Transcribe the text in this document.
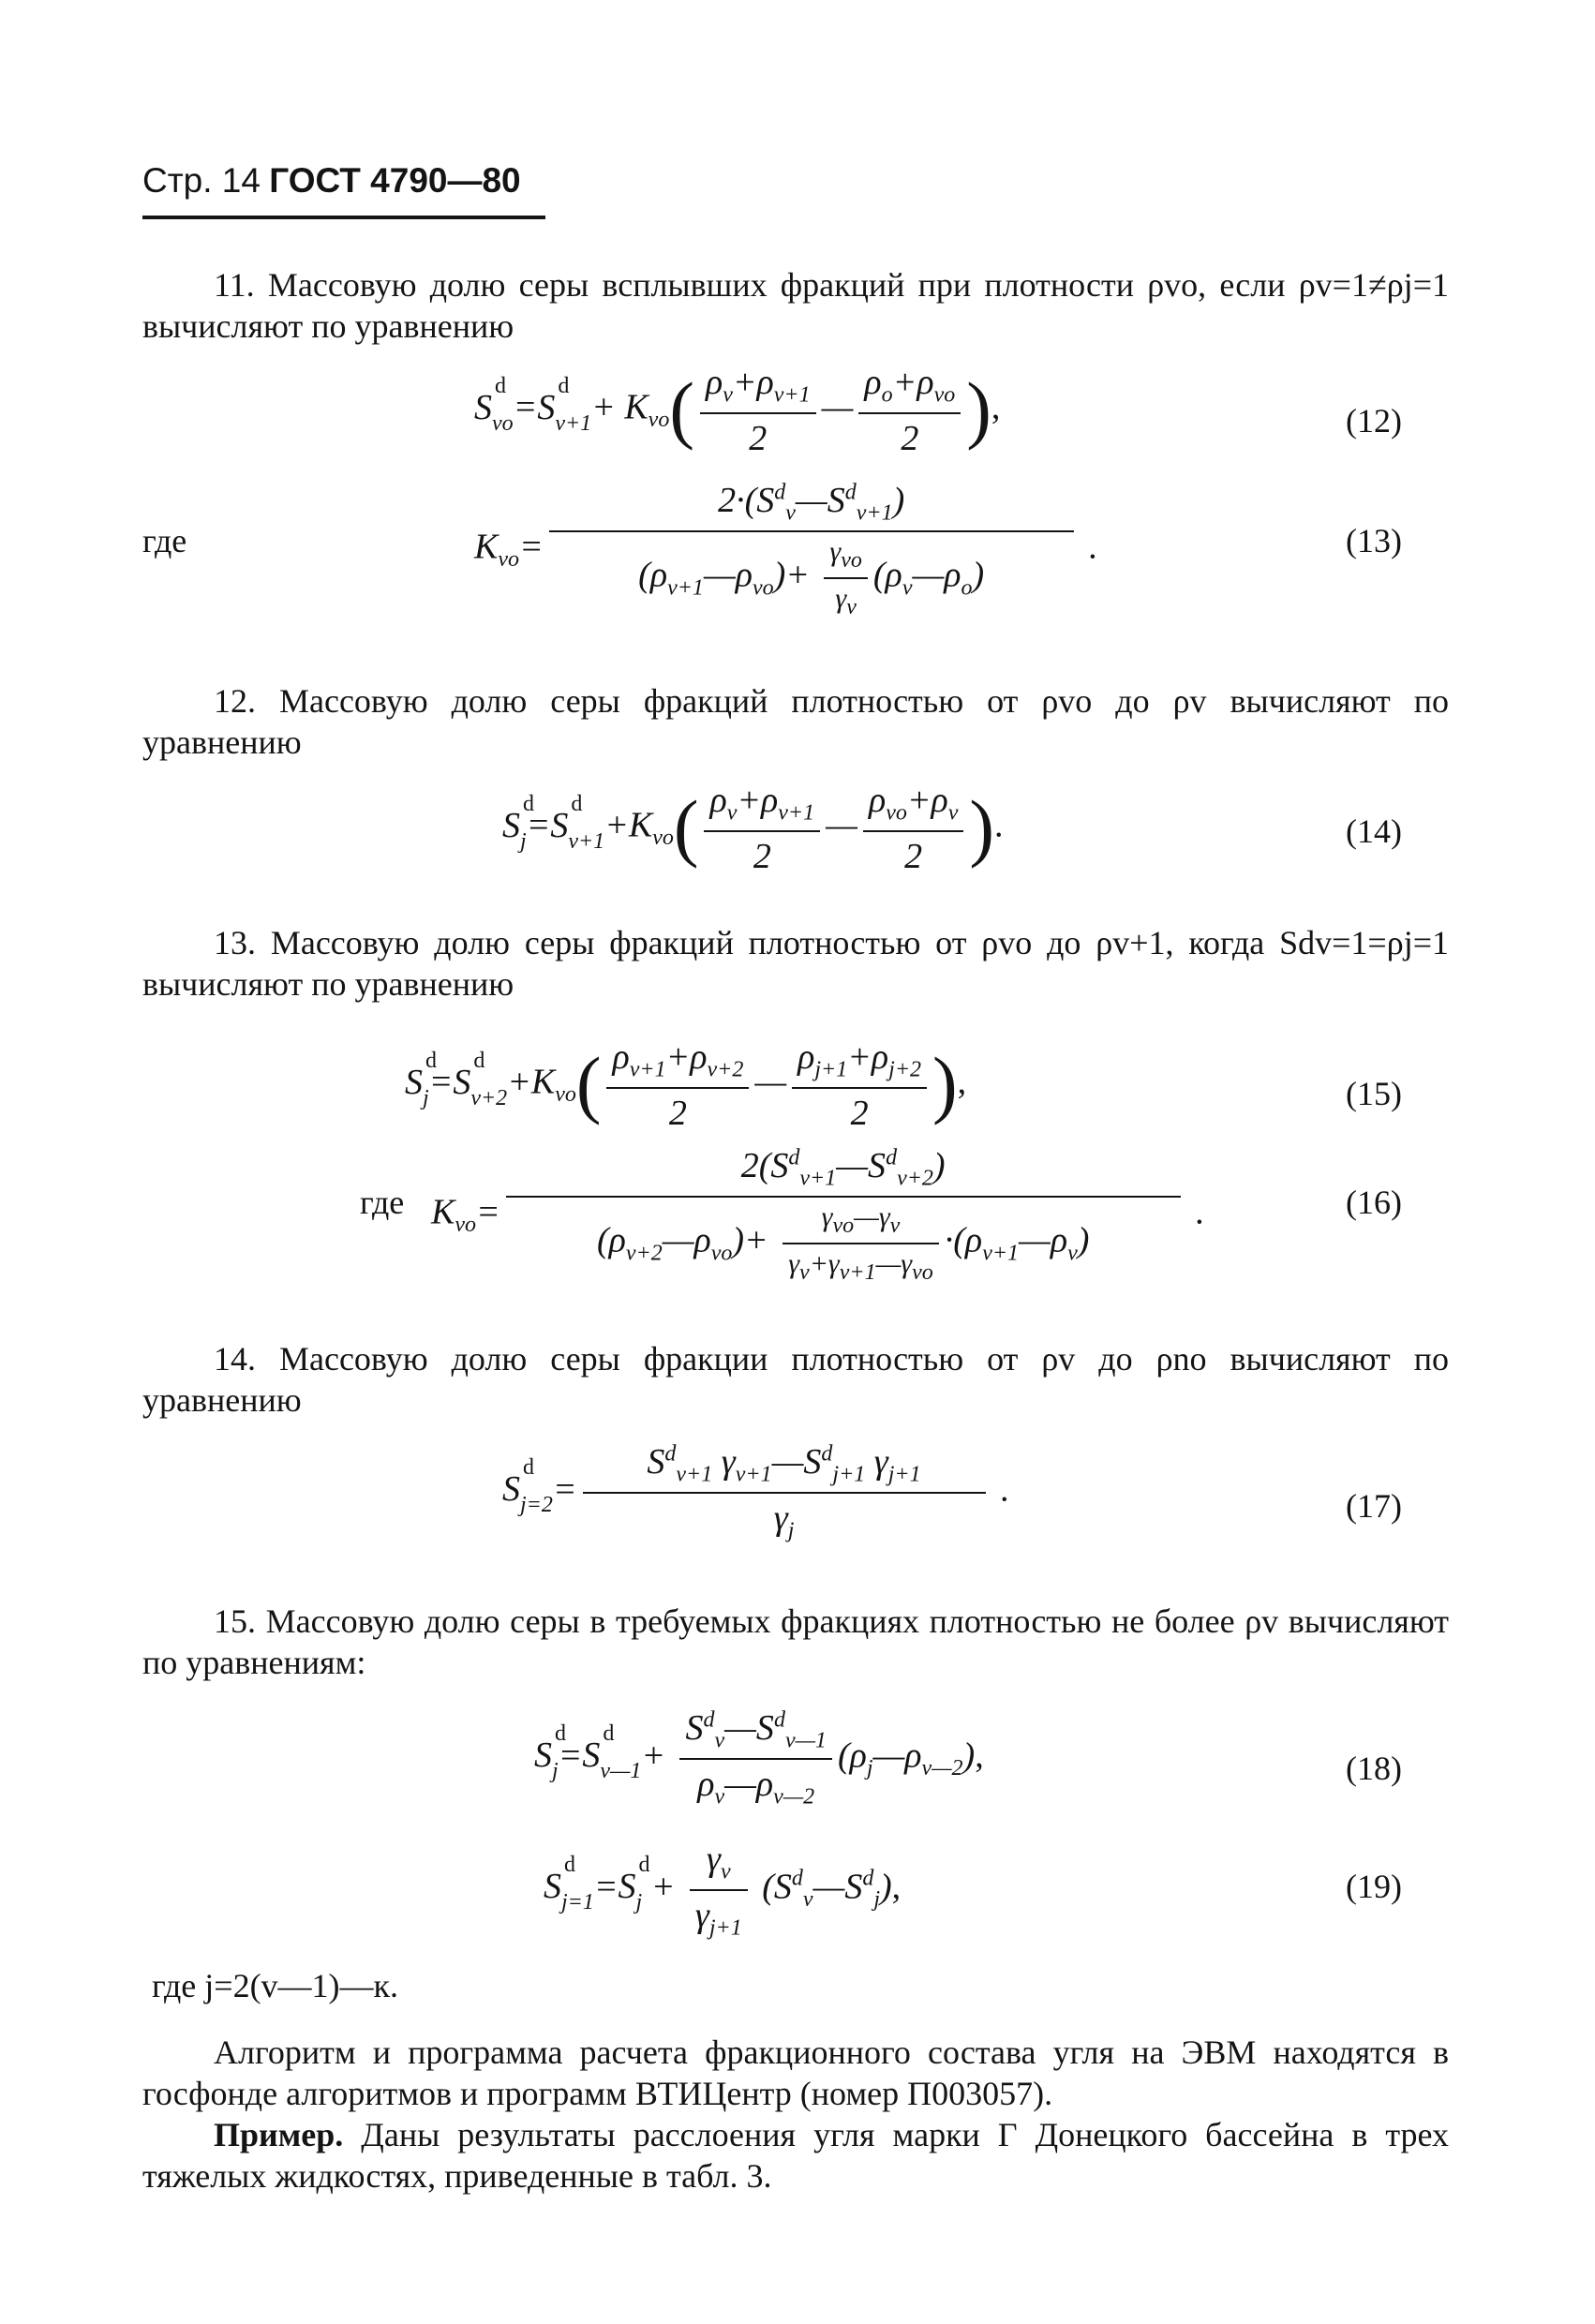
Стр. 14 ГОСТ 4790—80
11. Массовую долю серы всплывших фракций при плотности ρvo, если ρv=1≠ρj=1 вычисляют по уравнению
S
d
$_{vo}$=S
d
$_{v+1}+ K_{vo}( \frac{\rho_v+\rho_{v+1}}{2}$ — $\frac{\rho_o+\rho_{vo}}{2}$ ),	(12)
где	$K_{vo}= \frac{2\cdot(S^d_v—S^d_{v+1})}{(\rho_{v+1}—\rho_{vo})+ \frac{\gamma_{vo}}{\gamma_v} (\rho_v—\rho_o)}$ .	(13)
12. Массовую долю серы фракций плотностью от ρvo до ρv вычисляют по уравнению
S
d
$_j$=S
d
$_{v+1}+K_{vo}( \frac{\rho_v+\rho_{v+1}}{2}$ — $\frac{\rho_{vo}+\rho_v}{2}$ ).	(14)
13. Массовую долю серы фракций плотностью от ρvo до ρv+1, когда Sdv=1=ρj=1 вычисляют по уравнению
S
d
$_j$=S
d
$_{v+2}+K_{vo}( \frac{\rho_{v+1}+\rho_{v+2}}{2}$ — $\frac{\rho_{j+1}+\rho_{j+2}}{2}$ ),	(15)
где $K_{vo}= \frac{2(S^d_{v+1}—S^d_{v+2})}{(\rho_{v+2}—\rho_{vo})+ \frac{\gamma_{vo}—\gamma_v}{\gamma_v+\gamma_{v+1}—\gamma_{vo}} \cdot(\rho_{v+1}—\rho_v)}$ .	(16)
14. Массовую долю серы фракции плотностью от ρv до ρno вычисляют по уравнению
S
d
$_{j=2}= \frac{S^d_{v+1} \gamma_{v+1}—S^d_{j+1} \gamma_{j+1}}{\gamma_j}$ .	(17)
15. Массовую долю серы в требуемых фракциях плотностью не более ρv вычисляют по уравнениям:
S
d
$_j$=S
d
$_{v—1}+ \frac{S^d_v—S^d_{v—1}}{\rho_v—\rho_{v—2}}$ $(\rho_j—\rho_{v—2})$,	(18)
S
d
$_{j=1}$=S
d
$_j + \frac{\gamma_v}{\gamma_{j+1}}$ $(S^d_v—S^d_j)$,	(19)
где j=2(v—1)—к.
Алгоритм и программа расчета фракционного состава угля на ЭВМ находятся в госфонде алгоритмов и программ ВТИЦентр (номер П003057).
Пример. Даны результаты расслоения угля марки Г Донецкого бассейна в трех тяжелых жидкостях, приведенные в табл. 3.
